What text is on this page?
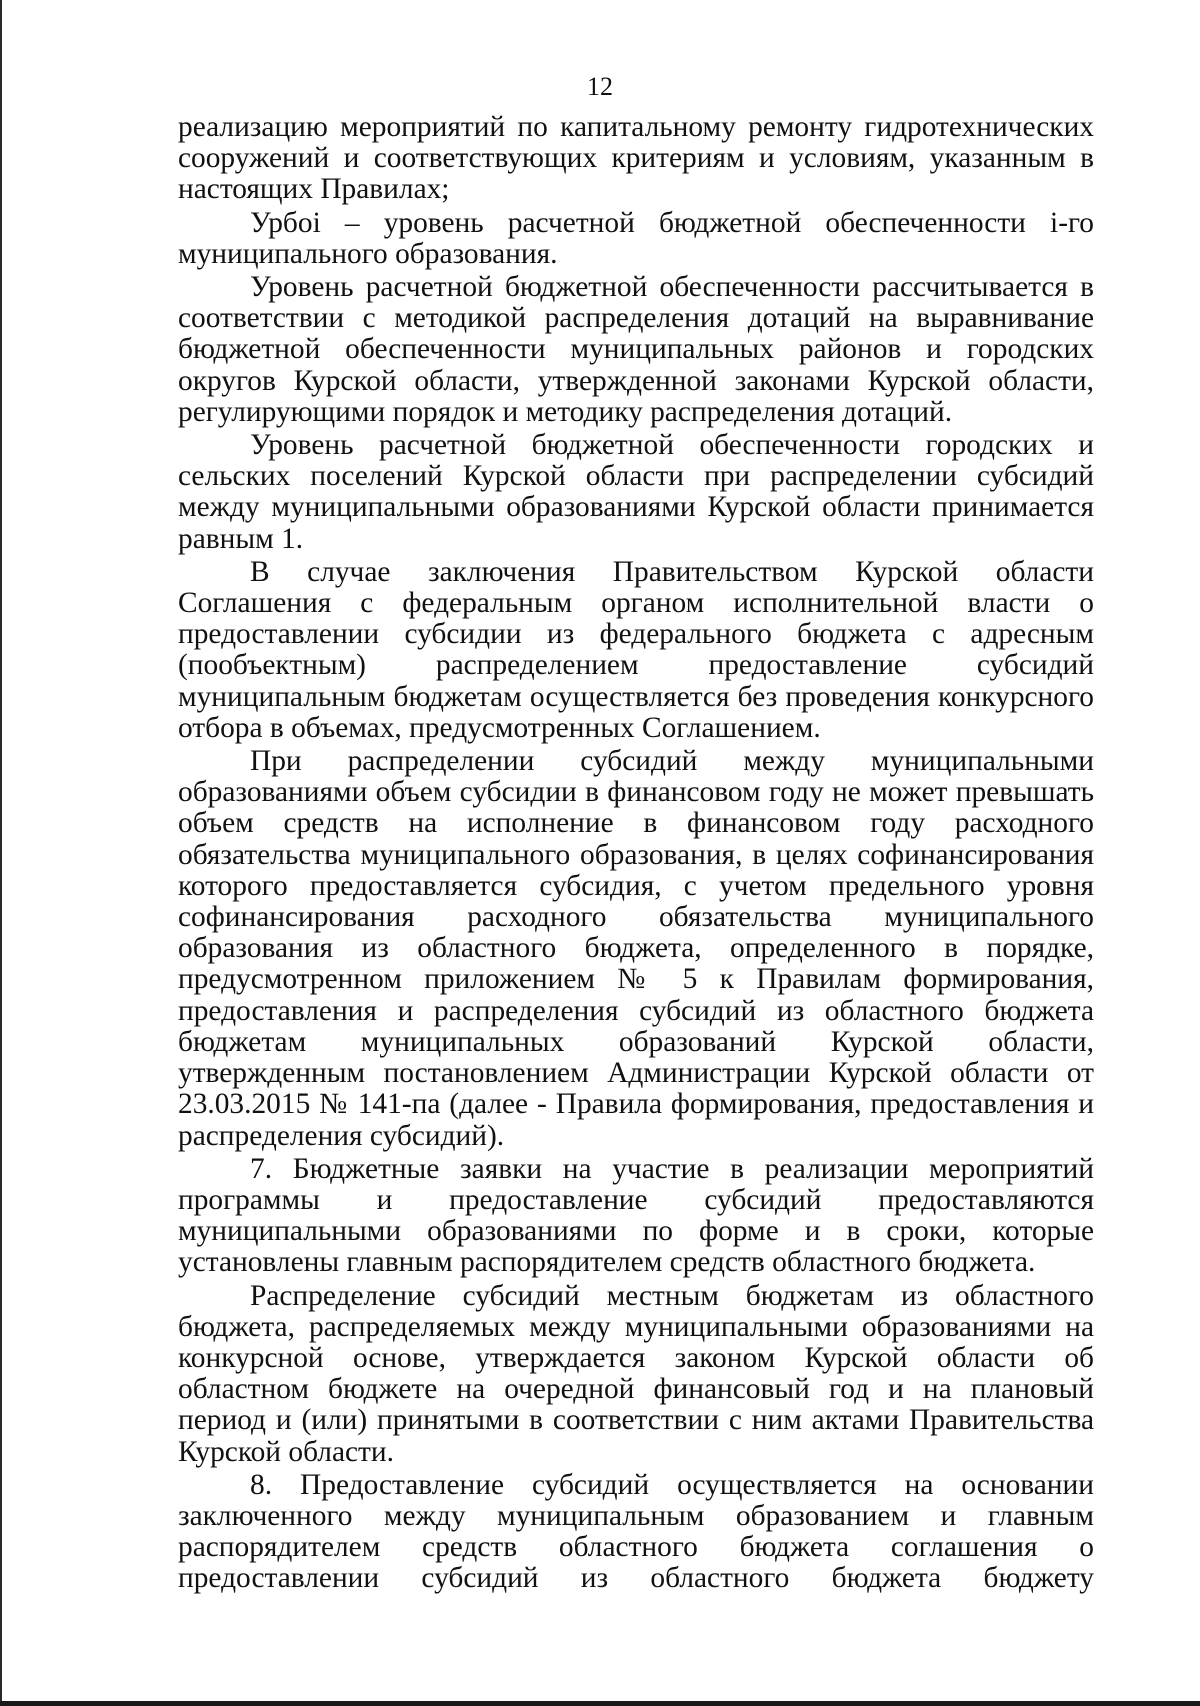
12

реализацию мероприятий по капитальному ремонту гидротехнических сооружений и соответствующих критериям и условиям, указанным в настоящих Правилах;

Урбоi – уровень расчетной бюджетной обеспеченности i-го муниципального образования.

Уровень расчетной бюджетной обеспеченности рассчитывается в соответствии с методикой распределения дотаций на выравнивание бюджетной обеспеченности муниципальных районов и городских округов Курской области, утвержденной законами Курской области, регулирующими порядок и методику распределения дотаций.

Уровень расчетной бюджетной обеспеченности городских и сельских поселений Курской области при распределении субсидий между муниципальными образованиями Курской области принимается равным 1.

В случае заключения Правительством Курской области Соглашения с федеральным органом исполнительной власти о предоставлении субсидии из федерального бюджета с адресным (пообъектным) распределением предоставление субсидий муниципальным бюджетам осуществляется без проведения конкурсного отбора в объемах, предусмотренных Соглашением.

При распределении субсидий между муниципальными образованиями объем субсидии в финансовом году не может превышать объем средств на исполнение в финансовом году расходного обязательства муниципального образования, в целях софинансирования которого предоставляется субсидия, с учетом предельного уровня софинансирования расходного обязательства муниципального образования из областного бюджета, определенного в порядке, предусмотренном приложением № 5 к Правилам формирования, предоставления и распределения субсидий из областного бюджета бюджетам муниципальных образований Курской области, утвержденным постановлением Администрации Курской области от 23.03.2015 № 141-па (далее - Правила формирования, предоставления и распределения субсидий).

7. Бюджетные заявки на участие в реализации мероприятий программы и предоставление субсидий предоставляются муниципальными образованиями по форме и в сроки, которые установлены главным распорядителем средств областного бюджета.

Распределение субсидий местным бюджетам из областного бюджета, распределяемых между муниципальными образованиями на конкурсной основе, утверждается законом Курской области об областном бюджете на очередной финансовый год и на плановый период и (или) принятыми в соответствии с ним актами Правительства Курской области.

8. Предоставление субсидий осуществляется на основании заключенного между муниципальным образованием и главным распорядителем средств областного бюджета соглашения о предоставлении субсидий из областного бюджета бюджету
